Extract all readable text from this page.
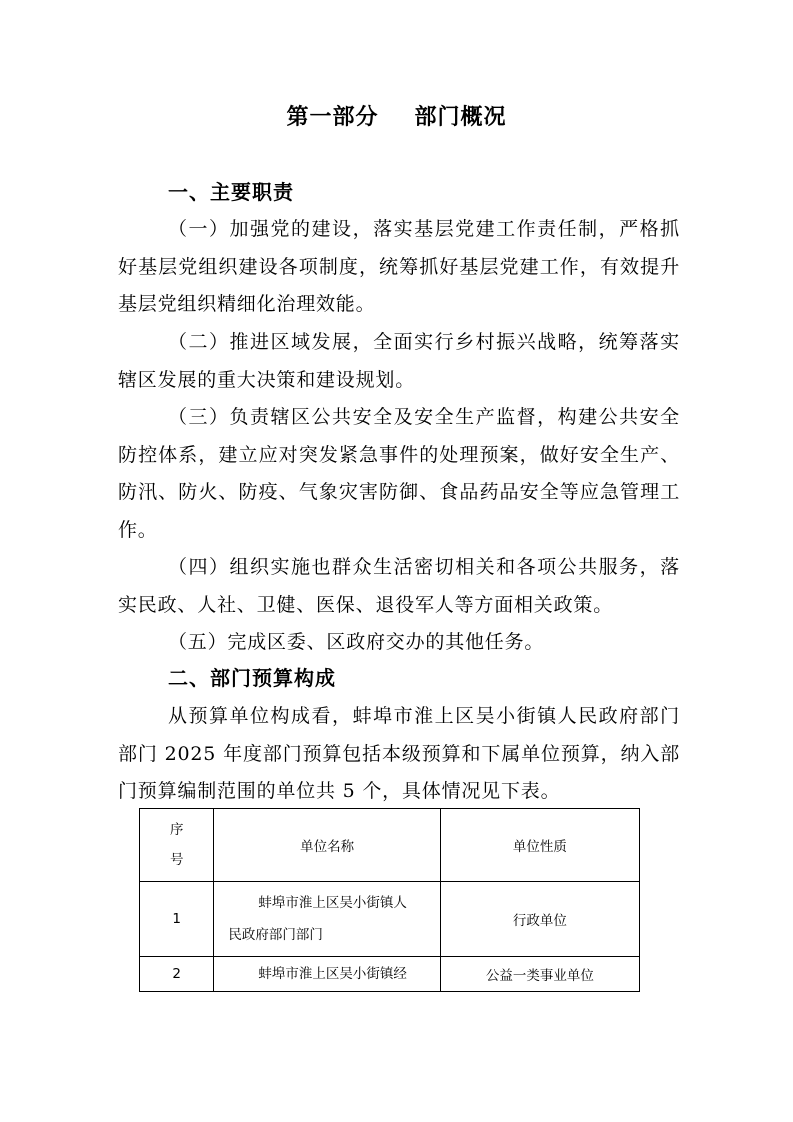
第一部分 部门概况
一、主要职责

（一）加强党的建设，落实基层党建工作责任制，严格抓好基层党组织建设各项制度，统筹抓好基层党建工作，有效提升基层党组织精细化治理效能。

（二）推进区域发展，全面实行乡村振兴战略，统筹落实辖区发展的重大决策和建设规划。

（三）负责辖区公共安全及安全生产监督，构建公共安全防控体系，建立应对突发紧急事件的处理预案，做好安全生产、防汛、防火、防疫、气象灾害防御、食品药品安全等应急管理工作。

（四）组织实施也群众生活密切相关和各项公共服务，落实民政、人社、卫健、医保、退役军人等方面相关政策。

（五）完成区委、区政府交办的其他任务。

二、部门预算构成

从预算单位构成看，蚌埠市淮上区吴小街镇人民政府部门部门 2025 年度部门预算包括本级预算和下属单位预算，纳入部门预算编制范围的单位共 5 个，具体情况见下表。

序
号	单位名称	单位性质
1	蚌埠市淮上区吴小街镇人
民政府部门部门	行政单位
2	蚌埠市淮上区吴小街镇经	公益一类事业单位
